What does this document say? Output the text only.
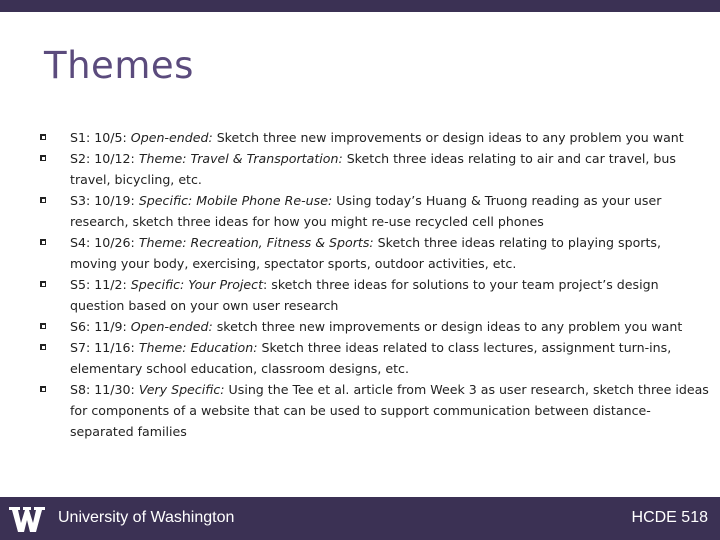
Themes
S1: 10/5: Open-ended: Sketch three new improvements or design ideas to any problem you want
S2: 10/12: Theme: Travel & Transportation: Sketch three ideas relating to air and car travel, bus travel, bicycling, etc.
S3: 10/19: Specific: Mobile Phone Re-use: Using today’s Huang & Truong reading as your user research, sketch three ideas for how you might re-use recycled cell phones
S4: 10/26: Theme: Recreation, Fitness & Sports: Sketch three ideas relating to playing sports, moving your body, exercising, spectator sports, outdoor activities, etc.
S5: 11/2: Specific: Your Project: sketch three ideas for solutions to your team project’s design question based on your own user research
S6: 11/9: Open-ended: sketch three new improvements or design ideas to any problem you want
S7: 11/16: Theme: Education: Sketch three ideas related to class lectures, assignment turn-ins, elementary school education, classroom designs, etc.
S8: 11/30: Very Specific: Using the Tee et al. article from Week 3 as user research, sketch three ideas for components of a website that can be used to support communication between distance-separated families
University of Washington	HCDE 518
